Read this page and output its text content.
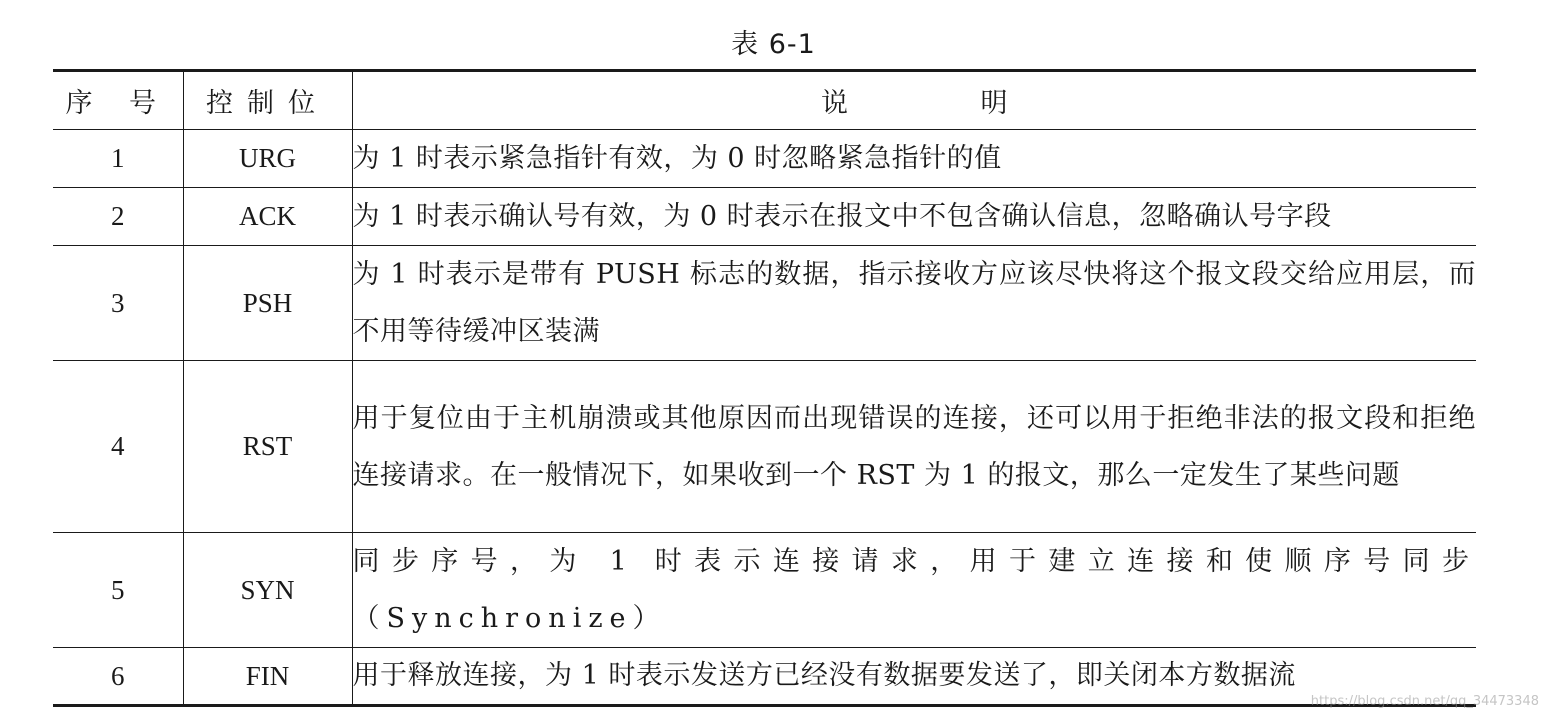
表 6-1
序 号	控制位	说 明
1	URG	为 1 时表示紧急指针有效，为 0 时忽略紧急指针的值
2	ACK	为 1 时表示确认号有效，为 0 时表示在报文中不包含确认信息，忽略确认号字段
3	PSH	为 1 时表示是带有 PUSH 标志的数据，指示接收方应该尽快将这个报文段交给应用层，而不用等待缓冲区装满
4	RST	用于复位由于主机崩溃或其他原因而出现错误的连接，还可以用于拒绝非法的报文段和拒绝连接请求。在一般情况下，如果收到一个 RST 为 1 的报文，那么一定发生了某些问题
5	SYN	同步序号，为 1 时表示连接请求，用于建立连接和使顺序号同步（Synchronize）
6	FIN	用于释放连接，为 1 时表示发送方已经没有数据要发送了，即关闭本方数据流
https://blog.csdn.net/qq_34473348
